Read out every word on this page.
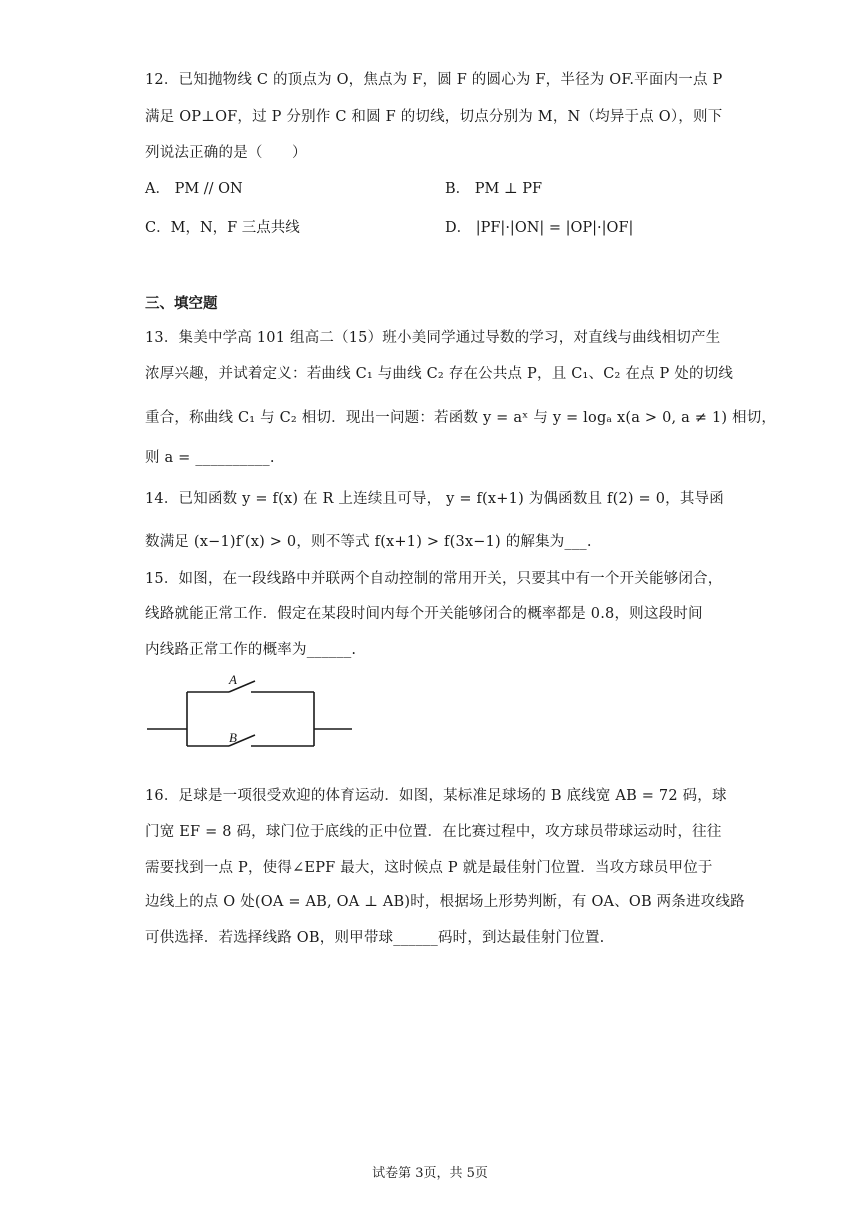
12．已知抛物线 C 的顶点为 O，焦点为 F，圆 F 的圆心为 F，半径为 OF.平面内一点 P
满足 OP⊥OF，过 P 分别作 C 和圆 F 的切线，切点分别为 M，N（均异于点 O），则下
列说法正确的是（　　）
A． PM // ON	B． PM ⊥ PF
C．M，N，F 三点共线	D． |PF|·|ON| = |OP|·|OF|
三、填空题
13．集美中学高 101 组高二（15）班小美同学通过导数的学习，对直线与曲线相切产生
浓厚兴趣，并试着定义：若曲线 C₁ 与曲线 C₂ 存在公共点 P，且 C₁、C₂ 在点 P 处的切线
重合，称曲线 C₁ 与 C₂ 相切．现出一问题：若函数 y = aˣ 与 y = logₐ x(a > 0, a ≠ 1) 相切，
则 a = __________.
14．已知函数 y = f(x) 在 R 上连续且可导， y = f(x+1) 为偶函数且 f(2) = 0，其导函
数满足 (x−1)f′(x) > 0，则不等式 f(x+1) > f(3x−1) 的解集为___.
15．如图，在一段线路中并联两个自动控制的常用开关，只要其中有一个开关能够闭合，
线路就能正常工作．假定在某段时间内每个开关能够闭合的概率都是 0.8，则这段时间
内线路正常工作的概率为______.
A
B
16．足球是一项很受欢迎的体育运动．如图，某标准足球场的 B 底线宽 AB = 72 码，球
门宽 EF = 8 码，球门位于底线的正中位置．在比赛过程中，攻方球员带球运动时，往往
需要找到一点 P，使得∠EPF 最大，这时候点 P 就是最佳射门位置．当攻方球员甲位于
边线上的点 O 处(OA = AB, OA ⊥ AB)时，根据场上形势判断，有 OA、OB 两条进攻线路
可供选择．若选择线路 OB，则甲带球______码时，到达最佳射门位置.
试卷第 3页，共 5页
